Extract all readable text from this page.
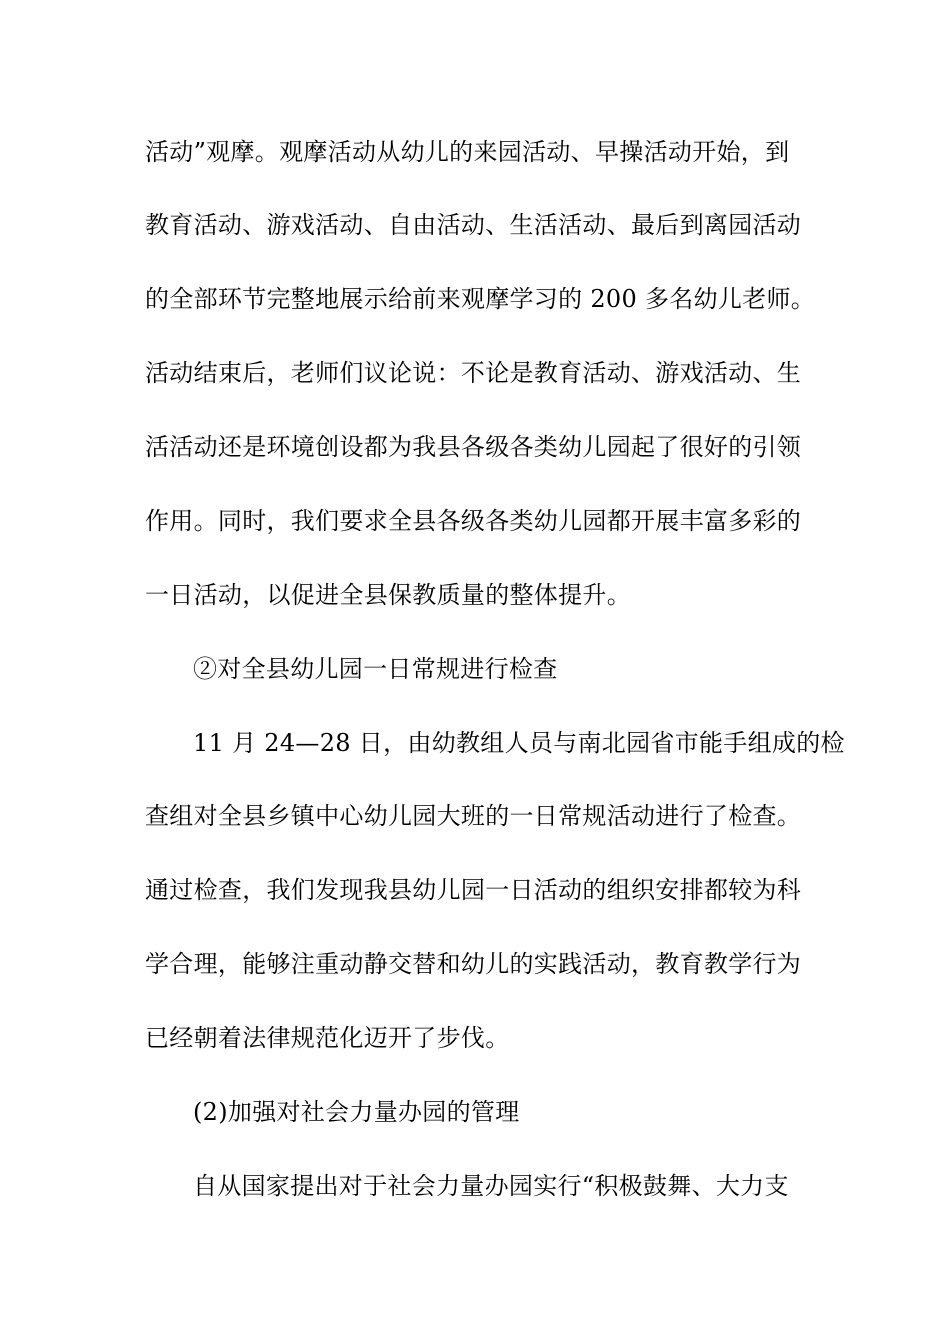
活动”观摩。观摩活动从幼儿的来园活动、早操活动开始，到
教育活动、游戏活动、自由活动、生活活动、最后到离园活动
的全部环节完整地展示给前来观摩学习的 200 多名幼儿老师。
活动结束后，老师们议论说：不论是教育活动、游戏活动、生
活活动还是环境创设都为我县各级各类幼儿园起了很好的引领
作用。同时，我们要求全县各级各类幼儿园都开展丰富多彩的
一日活动，以促进全县保教质量的整体提升。
②对全县幼儿园一日常规进行检查
11 月 24—28 日，由幼教组人员与南北园省市能手组成的检
查组对全县乡镇中心幼儿园大班的一日常规活动进行了检查。
通过检查，我们发现我县幼儿园一日活动的组织安排都较为科
学合理，能够注重动静交替和幼儿的实践活动，教育教学行为
已经朝着法律规范化迈开了步伐。
(2)加强对社会力量办园的管理
自从国家提出对于社会力量办园实行“积极鼓舞、大力支
